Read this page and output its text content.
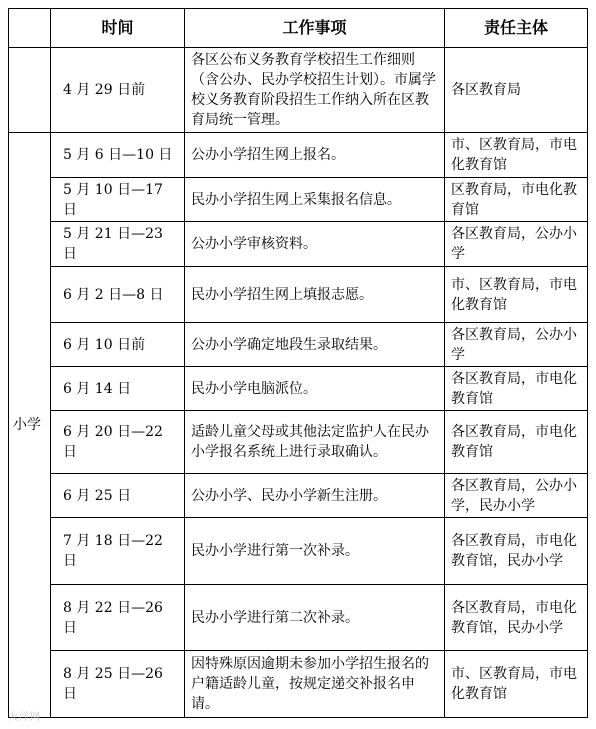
	时间	工作事项	责任主体
	4 月 29 日前	各区公布义务教育学校招生工作细则（含公办、民办学校招生计划）。市属学校义务教育阶段招生工作纳入所在区教育局统一管理。	各区教育局
小学	5 月 6 日—10 日	公办小学招生网上报名。	市、区教育局，市电化教育馆
	5 月 10 日—17 日	民办小学招生网上采集报名信息。	区教育局，市电化教育馆
	5 月 21 日—23 日	公办小学审核资料。	各区教育局，公办小学
	6 月 2 日—8 日	民办小学招生网上填报志愿。	市、区教育局，市电化教育馆
	6 月 10 日前	公办小学确定地段生录取结果。	各区教育局，公办小学
	6 月 14 日	民办小学电脑派位。	各区教育局，市电化教育馆
	6 月 20 日—22 日	适龄儿童父母或其他法定监护人在民办小学报名系统上进行录取确认。	各区教育局，市电化教育馆
	6 月 25 日	公办小学、民办小学新生注册。	各区教育局，公办小学，民办小学
	7 月 18 日—22 日	民办小学进行第一次补录。	各区教育局，市电化教育馆，民办小学
	8 月 22 日—26 日	民办小学进行第二次补录。	各区教育局，市电化教育馆，民办小学
	8 月 25 日—26 日	因特殊原因逾期未参加小学招生报名的户籍适龄儿童，按规定递交补报名申请。	市、区教育局，市电化教育馆
大洋网
